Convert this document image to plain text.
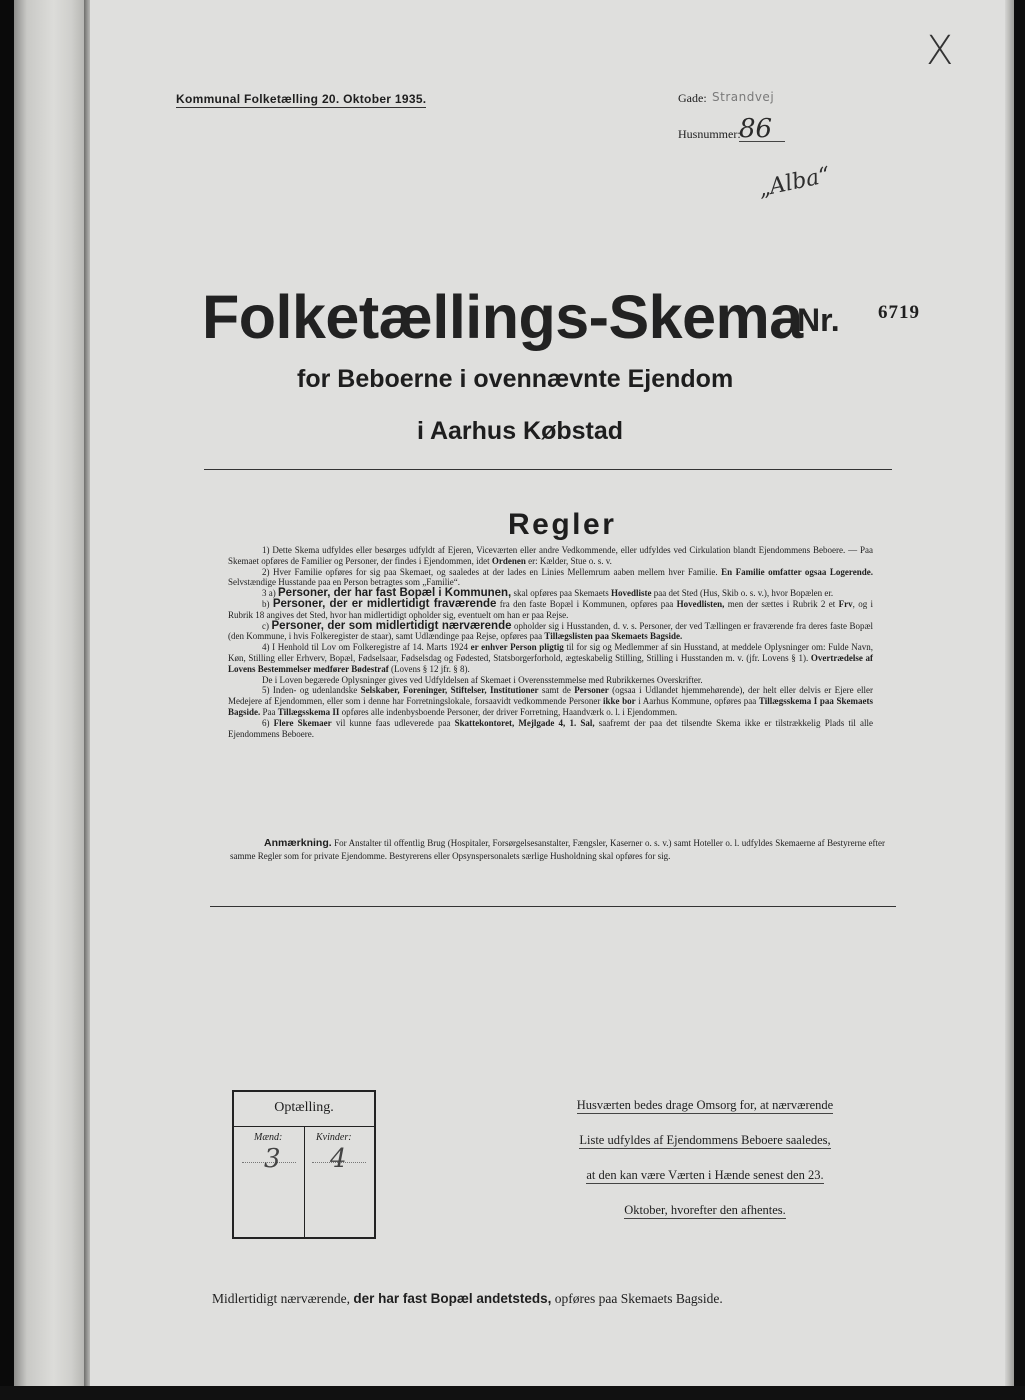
X
Kommunal Folketælling 20. Oktober 1935.	Gade: Strandvej
Husnummer:
86
„Alba“
Folketællings-Skema
Nr. 6719
for Beboerne i ovennævnte Ejendom
i Aarhus Købstad
Regler

1) Dette Skema udfyldes eller besørges udfyldt af Ejeren, Viceværten eller andre Vedkommende, eller udfyldes ved Cirkulation blandt Ejendommens Beboere. — Paa Skemaet opføres de Familier og Personer, der findes i Ejendommen, idet Ordenen er: Kælder, Stue o. s. v.

2) Hver Familie opføres for sig paa Skemaet, og saaledes at der lades en Linies Mellemrum aaben mellem hver Familie. En Familie omfatter ogsaa Logerende. Selvstændige Husstande paa en Person betragtes som „Familie“.

3 a) Personer, der har fast Bopæl i Kommunen, skal opføres paa Skemaets Hovedliste paa det Sted (Hus, Skib o. s. v.), hvor Bopælen er.

b) Personer, der er midlertidigt fraværende fra den faste Bopæl i Kommunen, opføres paa Hovedlisten, men der sættes i Rubrik 2 et Frv, og i Rubrik 18 angives det Sted, hvor han midlertidigt opholder sig, eventuelt om han er paa Rejse.

c) Personer, der som midlertidigt nærværende opholder sig i Husstanden, d. v. s. Personer, der ved Tællingen er fraværende fra deres faste Bopæl (den Kommune, i hvis Folkeregister de staar), samt Udlændinge paa Rejse, opføres paa Tillægslisten paa Skemaets Bagside.

4) I Henhold til Lov om Folkeregistre af 14. Marts 1924 er enhver Person pligtig til for sig og Medlemmer af sin Husstand, at meddele Oplysninger om: Fulde Navn, Køn, Stilling eller Erhverv, Bopæl, Fødselsaar, Fødselsdag og Fødested, Statsborgerforhold, ægteskabelig Stilling, Stilling i Husstanden m. v. (jfr. Lovens § 1). Overtrædelse af Lovens Bestemmelser medfører Bødestraf (Lovens § 12 jfr. § 8).

De i Loven begærede Oplysninger gives ved Udfyldelsen af Skemaet i Overensstemmelse med Rubrikkernes Overskrifter.

5) Inden- og udenlandske Selskaber, Foreninger, Stiftelser, Institutioner samt de Personer (ogsaa i Udlandet hjemmehørende), der helt eller delvis er Ejere eller Medejere af Ejendommen, eller som i denne har Forretningslokale, forsaavidt vedkommende Personer ikke bor i Aarhus Kommune, opføres paa Tillægsskema I paa Skemaets Bagside. Paa Tillægsskema II opføres alle indenbysboende Personer, der driver Forretning, Haandværk o. l. i Ejendommen.

6) Flere Skemaer vil kunne faas udleverede paa Skattekontoret, Mejlgade 4, 1. Sal, saafremt der paa det tilsendte Skema ikke er tilstrækkelig Plads til alle Ejendommens Beboere.

Anmærkning. For Anstalter til offentlig Brug (Hospitaler, Forsørgelsesanstalter, Fængsler, Kaserner o. s. v.) samt Hoteller o. l. udfyldes Skemaerne af Bestyrerne efter samme Regler som for private Ejendomme. Bestyrerens eller Opsynspersonalets særlige Husholdning skal opføres for sig.

Optælling.
Mænd:	Kvinder:
3 4
Husværten bedes drage Omsorg for, at nærværende
Liste udfyldes af Ejendommens Beboere saaledes,
at den kan være Værten i Hænde senest den 23.
Oktober, hvorefter den afhentes.
Midlertidigt nærværende, der har fast Bopæl andetsteds, opføres paa Skemaets Bagside.
